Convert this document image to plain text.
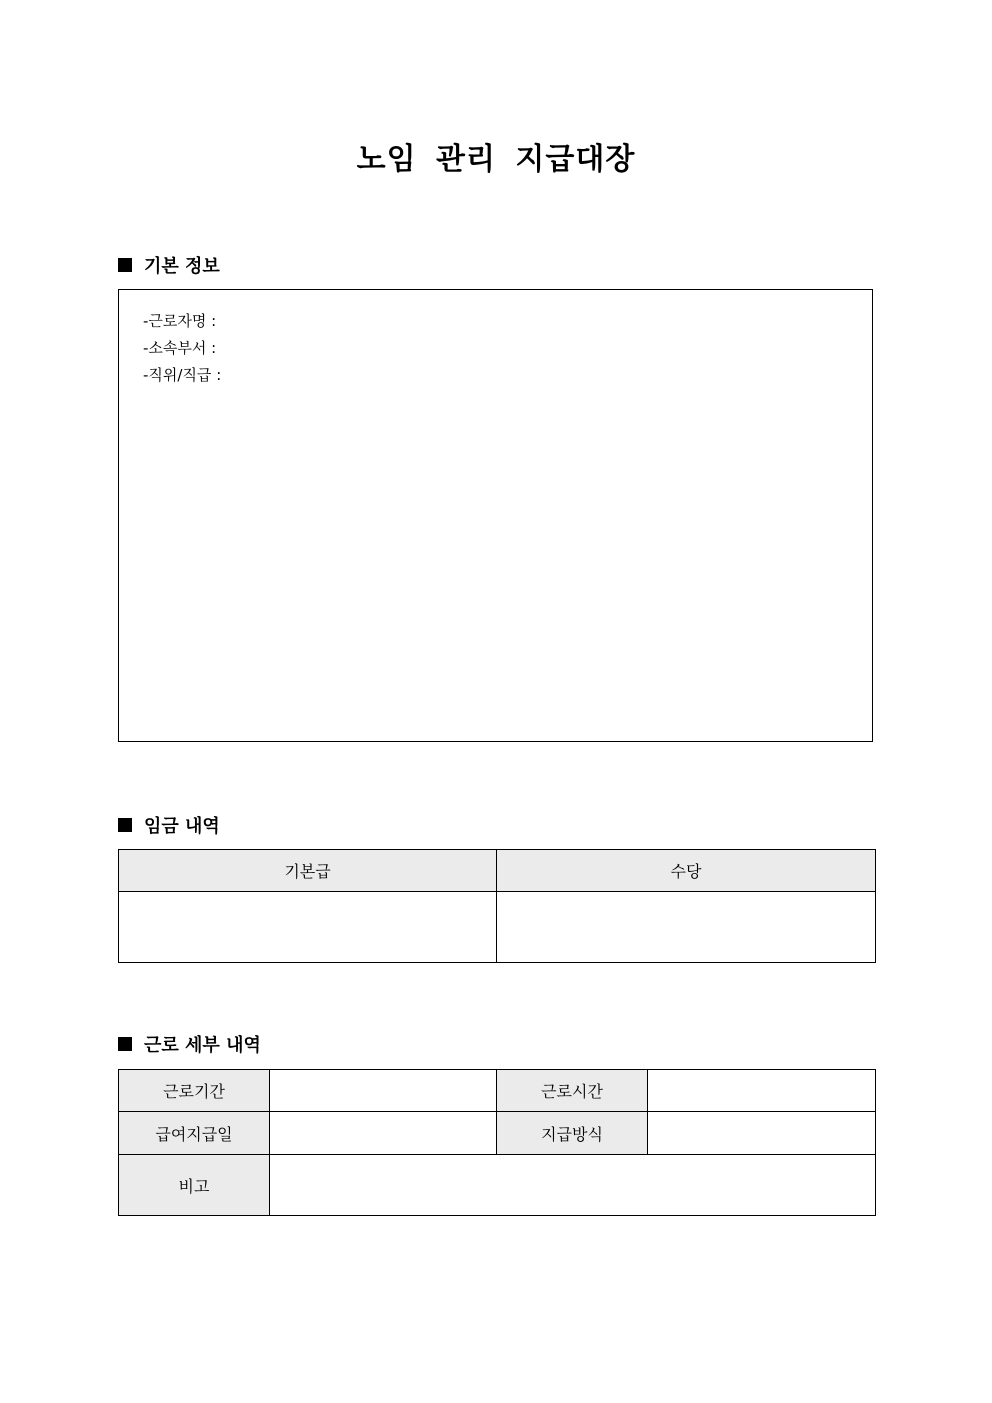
노임 관리 지급대장
기본 정보
-근로자명 :
-소속부서 :
-직위/직급 :
임금 내역
기본급	수당

근로 세부 내역
근로기간		근로시간	
급여지급일		지급방식	
비고			
